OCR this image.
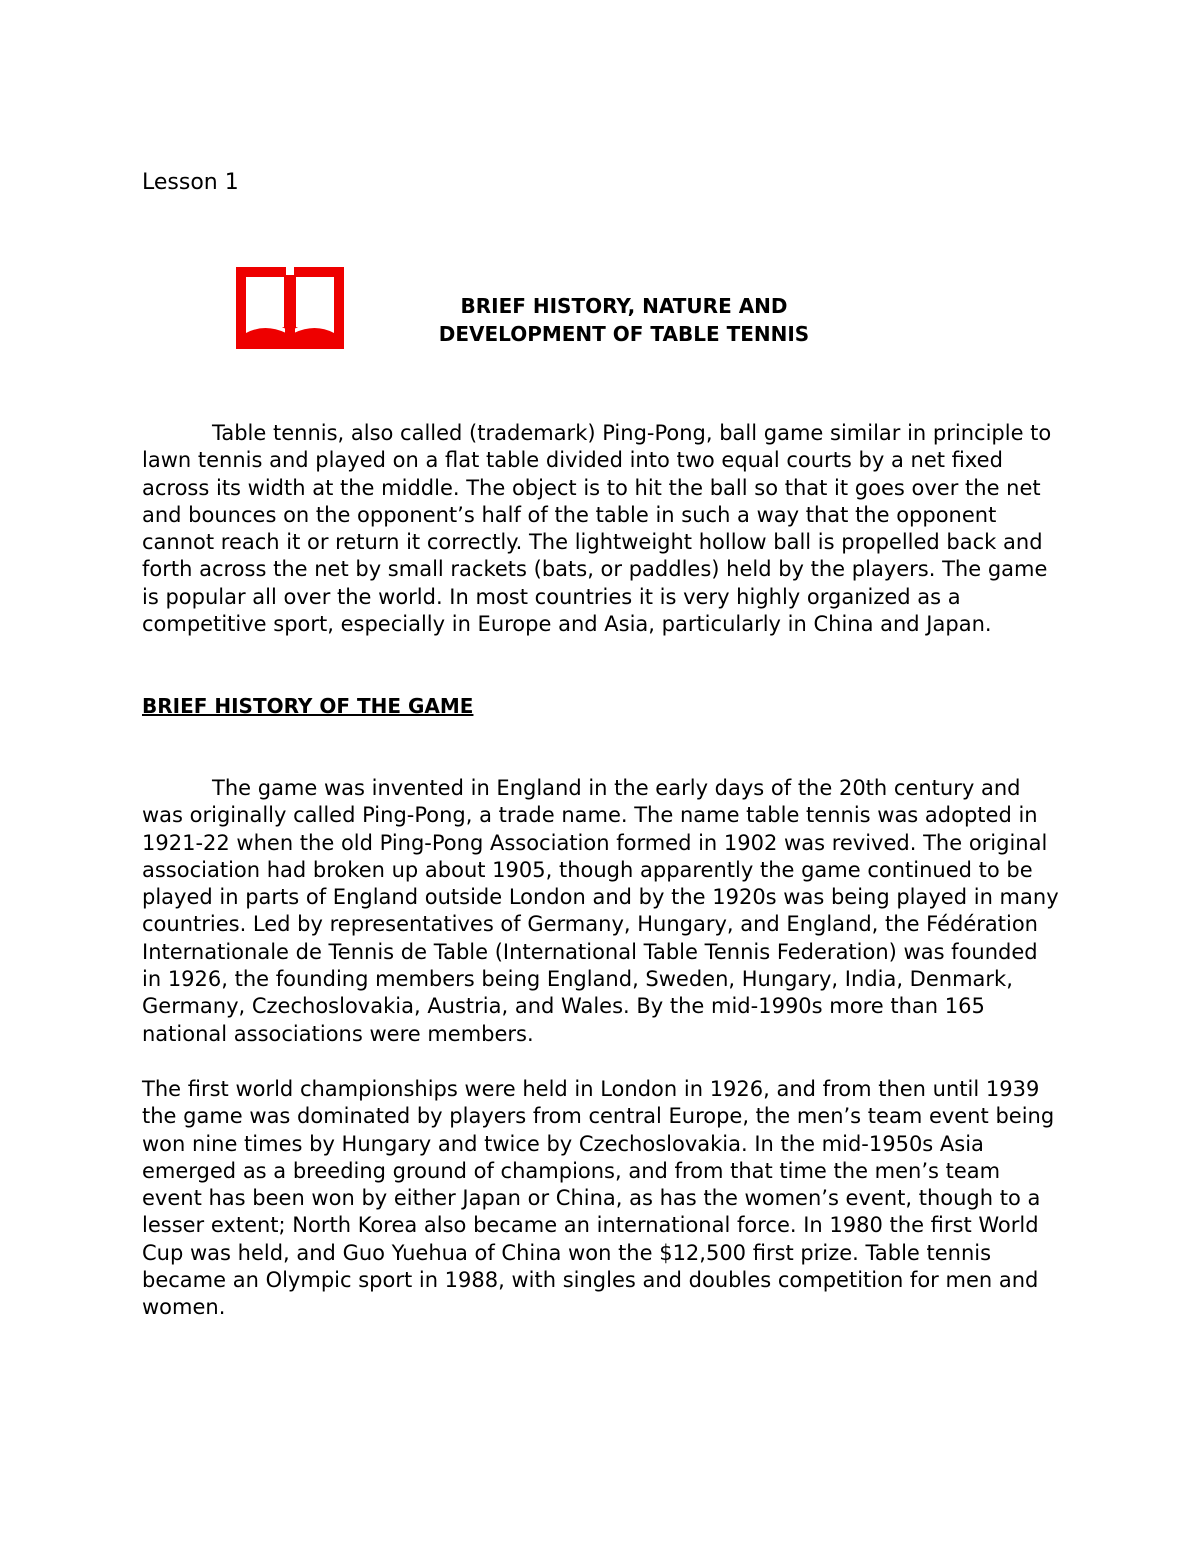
Lesson 1
BRIEF HISTORY, NATURE AND
DEVELOPMENT OF TABLE TENNIS

Table tennis, also called (trademark) Ping-Pong, ball game similar in principle to lawn tennis and played on a flat table divided into two equal courts by a net fixed across its width at the middle. The object is to hit the ball so that it goes over the net and bounces on the opponent’s half of the table in such a way that the opponent cannot reach it or return it correctly. The lightweight hollow ball is propelled back and forth across the net by small rackets (bats, or paddles) held by the players. The game is popular all over the world. In most countries it is very highly organized as a competitive sport, especially in Europe and Asia, particularly in China and Japan.

BRIEF HISTORY OF THE GAME

The game was invented in England in the early days of the 20th century and was originally called Ping-Pong, a trade name. The name table tennis was adopted in 1921-22 when the old Ping-Pong Association formed in 1902 was revived. The original association had broken up about 1905, though apparently the game continued to be played in parts of England outside London and by the 1920s was being played in many countries. Led by representatives of Germany, Hungary, and England, the Fédération Internationale de Tennis de Table (International Table Tennis Federation) was founded in 1926, the founding members being England, Sweden, Hungary, India, Denmark, Germany, Czechoslovakia, Austria, and Wales. By the mid-1990s more than 165 national associations were members.

The first world championships were held in London in 1926, and from then until 1939 the game was dominated by players from central Europe, the men’s team event being won nine times by Hungary and twice by Czechoslovakia. In the mid-1950s Asia emerged as a breeding ground of champions, and from that time the men’s team event has been won by either Japan or China, as has the women’s event, though to a lesser extent; North Korea also became an international force. In 1980 the first World Cup was held, and Guo Yuehua of China won the $12,500 first prize. Table tennis became an Olympic sport in 1988, with singles and doubles competition for men and women.
